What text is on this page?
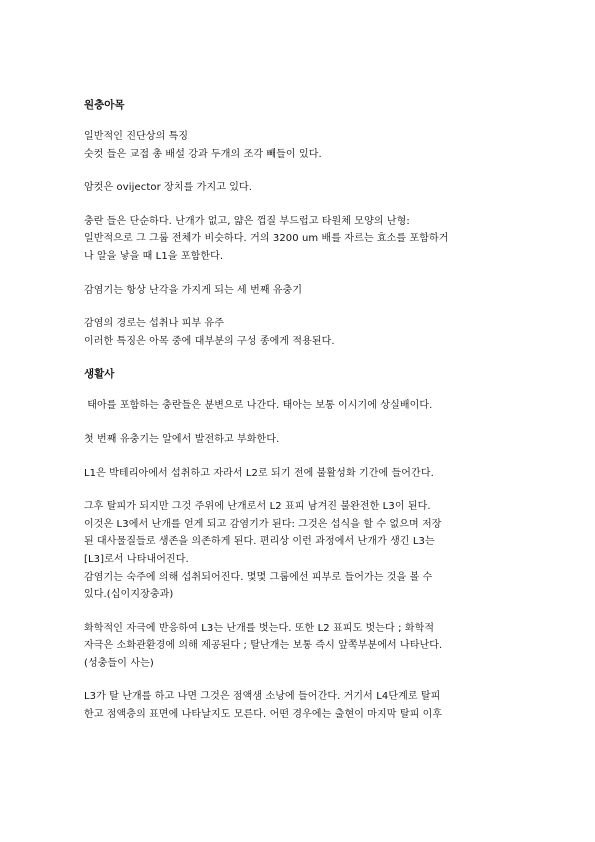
원충아목

일반적인 진단상의 특징
숫컷 들은 교접 총 배설 강과 두개의 조각 빼들이 있다.

암컷은 ovijector 장치를 가지고 있다.

충란 들은 단순하다. 난개가 없고, 얇은 껍질 부드럽고 타원체 모양의 난형:
일반적으로 그 그룹 전체가 비슷하다. 거의 3200 um 배를 자르는 효소를 포함하거
나 알을 낳을 때 L1을 포함한다.

감염기는 항상 난각을 가지게 되는 세 번째 유충기

감염의 경로는 섭취나 피부 유주
이러한 특징은 아목 중에 대부분의 구성 종에게 적용된다.

생활사

태아를 포함하는 충란들은 분변으로 나간다. 태아는 보통 이시기에 상실배이다.

첫 번째 유충기는 알에서 발전하고 부화한다.

L1은 박테리아에서 섭취하고 자라서 L2로 되기 전에 불활성화 기간에 들어간다.

그후 탈피가 되지만 그것 주위에 난개로서 L2 표피 남겨진 불완전한 L3이 된다.
이것은 L3에서 난개를 얻게 되고 감염기가 된다: 그것은 섭식을 할 수 없으며 저장
된 대사물질들로 생존을 의존하게 된다. 편리상 이런 과정에서 난개가 생긴 L3는
[L3]로서 나타내어진다.
감염기는 숙주에 의해 섭취되어진다. 몇몇 그룹에선 피부로 들어가는 것을 볼 수
있다.(십이지장충과)

화학적인 자극에 반응하여 L3는 난개를 벗는다. 또한 L2 표피도 벗는다 ; 화학적
자극은 소화관환경에 의해 제공된다 ; 탈난개는 보통 즉시 앞쪽부분에서 나타난다.
(성충들이 사는)

L3가 탈 난개를 하고 나면 그것은 점액샘 소낭에 들어간다. 거기서 L4단계로 탈피
한고 점액층의 표면에 나타날지도 모른다. 어떤 경우에는 출현이 마지막 탈피 이후
